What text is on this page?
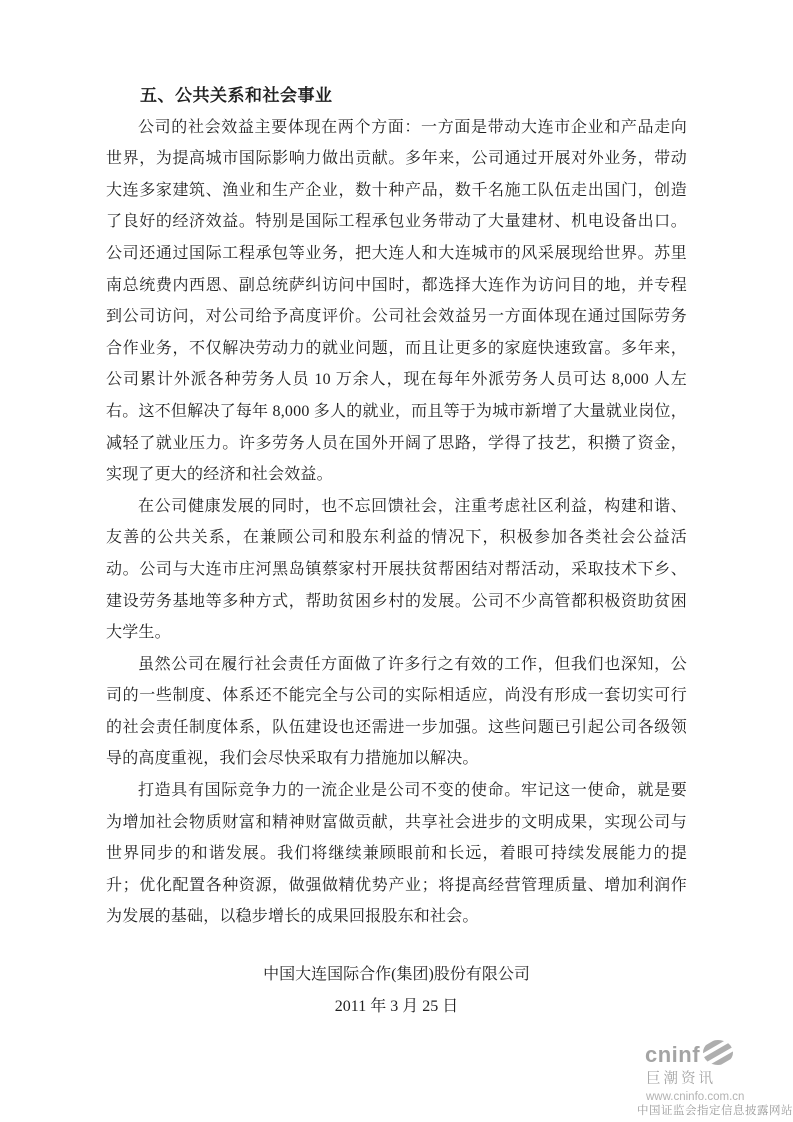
五、公共关系和社会事业

公司的社会效益主要体现在两个方面：一方面是带动大连市企业和产品走向世界，为提高城市国际影响力做出贡献。多年来，公司通过开展对外业务，带动大连多家建筑、渔业和生产企业，数十种产品，数千名施工队伍走出国门，创造了良好的经济效益。特别是国际工程承包业务带动了大量建材、机电设备出口。公司还通过国际工程承包等业务，把大连人和大连城市的风采展现给世界。苏里南总统费内西恩、副总统萨纠访问中国时，都选择大连作为访问目的地，并专程到公司访问，对公司给予高度评价。公司社会效益另一方面体现在通过国际劳务合作业务，不仅解决劳动力的就业问题，而且让更多的家庭快速致富。多年来，公司累计外派各种劳务人员 10 万余人，现在每年外派劳务人员可达 8,000 人左右。这不但解决了每年 8,000 多人的就业，而且等于为城市新增了大量就业岗位，减轻了就业压力。许多劳务人员在国外开阔了思路，学得了技艺，积攒了资金，实现了更大的经济和社会效益。

在公司健康发展的同时，也不忘回馈社会，注重考虑社区利益，构建和谐、友善的公共关系，在兼顾公司和股东利益的情况下，积极参加各类社会公益活动。公司与大连市庄河黑岛镇蔡家村开展扶贫帮困结对帮活动，采取技术下乡、建设劳务基地等多种方式，帮助贫困乡村的发展。公司不少高管都积极资助贫困大学生。

虽然公司在履行社会责任方面做了许多行之有效的工作，但我们也深知，公司的一些制度、体系还不能完全与公司的实际相适应，尚没有形成一套切实可行的社会责任制度体系，队伍建设也还需进一步加强。这些问题已引起公司各级领导的高度重视，我们会尽快采取有力措施加以解决。

打造具有国际竞争力的一流企业是公司不变的使命。牢记这一使命，就是要为增加社会物质财富和精神财富做贡献，共享社会进步的文明成果，实现公司与世界同步的和谐发展。我们将继续兼顾眼前和长远，着眼可持续发展能力的提升；优化配置各种资源，做强做精优势产业；将提高经营管理质量、增加利润作为发展的基础，以稳步增长的成果回报股东和社会。

中国大连国际合作(集团)股份有限公司

2011 年 3 月 25 日

cninf
巨潮资讯
www.cninfo.com.cn
中国证监会指定信息披露网站
